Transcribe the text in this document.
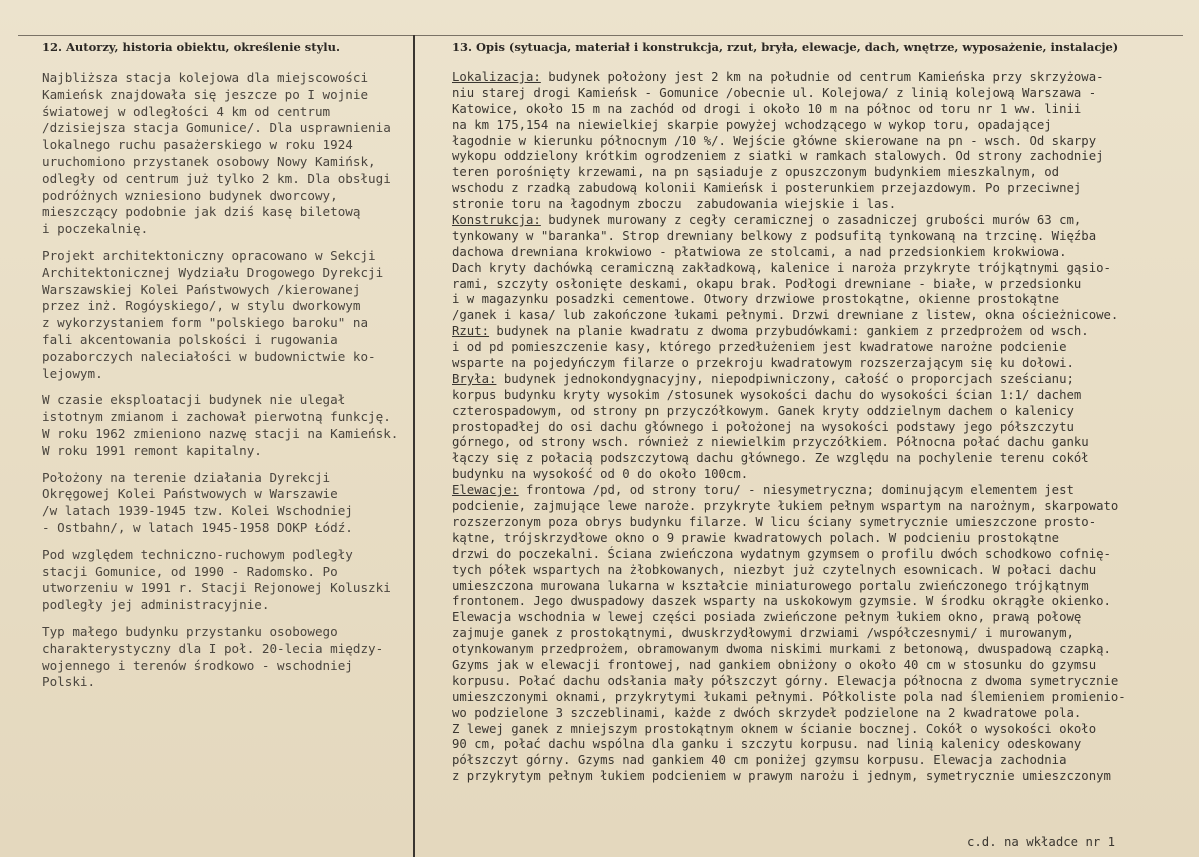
12. Autorzy, historia obiektu, określenie stylu.	13. Opis (sytuacja, materiał i konstrukcja, rzut, bryła, elewacje, dach, wnętrze, wyposażenie, instalacje)
Najbliższa stacja kolejowa dla miejscowości
Kamieńsk znajdowała się jeszcze po I wojnie
światowej w odległości 4 km od centrum
/dzisiejsza stacja Gomunice/. Dla usprawnienia
lokalnego ruchu pasażerskiego w roku 1924
uruchomiono przystanek osobowy Nowy Kamińsk,
odległy od centrum już tylko 2 km. Dla obsługi
podróżnych wzniesiono budynek dworcowy,
mieszczący podobnie jak dziś kasę biletową
i poczekalnię.
Projekt architektoniczny opracowano w Sekcji
Architektonicznej Wydziału Drogowego Dyrekcji
Warszawskiej Kolei Państwowych /kierowanej
przez inż. Rogóyskiego/, w stylu dworkowym
z wykorzystaniem form "polskiego baroku" na
fali akcentowania polskości i rugowania
pozaborczych naleciałości w budownictwie ko-
lejowym.
W czasie eksploatacji budynek nie ulegał
istotnym zmianom i zachował pierwotną funkcję.
W roku 1962 zmieniono nazwę stacji na Kamieńsk.
W roku 1991 remont kapitalny.
Położony na terenie działania Dyrekcji
Okręgowej Kolei Państwowych w Warszawie
/w latach 1939-1945 tzw. Kolei Wschodniej
- Ostbahn/, w latach 1945-1958 DOKP Łódź.
Pod względem techniczno-ruchowym podległy
stacji Gomunice, od 1990 - Radomsko. Po
utworzeniu w 1991 r. Stacji Rejonowej Koluszki
podległy jej administracyjnie.
Typ małego budynku przystanku osobowego
charakterystyczny dla I poł. 20-lecia między-
wojennego i terenów środkowo - wschodniej
Polski.
Lokalizacja: budynek położony jest 2 km na południe od centrum Kamieńska przy skrzyżowa-
niu starej drogi Kamieńsk - Gomunice /obecnie ul. Kolejowa/ z linią kolejową Warszawa -
Katowice, około 15 m na zachód od drogi i około 10 m na północ od toru nr 1 ww. linii
na km 175,154 na niewielkiej skarpie powyżej wchodzącego w wykop toru, opadającej
łagodnie w kierunku północnym /10 %/. Wejście główne skierowane na pn - wsch. Od skarpy
wykopu oddzielony krótkim ogrodzeniem z siatki w ramkach stalowych. Od strony zachodniej
teren porośnięty krzewami, na pn sąsiaduje z opuszczonym budynkiem mieszkalnym, od
wschodu z rzadką zabudową kolonii Kamieńsk i posterunkiem przejazdowym. Po przeciwnej
stronie toru na łagodnym zboczu  zabudowania wiejskie i las.
Konstrukcja: budynek murowany z cegły ceramicznej o zasadniczej grubości murów 63 cm,
tynkowany w "baranka". Strop drewniany belkowy z podsufitą tynkowaną na trzcinę. Więźba
dachowa drewniana krokwiowo - płatwiowa ze stolcami, a nad przedsionkiem krokwiowa.
Dach kryty dachówką ceramiczną zakładkową, kalenice i naroża przykryte trójkątnymi gąsio-
rami, szczyty osłonięte deskami, okapu brak. Podłogi drewniane - białe, w przedsionku
i w magazynku posadzki cementowe. Otwory drzwiowe prostokątne, okienne prostokątne
/ganek i kasa/ lub zakończone łukami pełnymi. Drzwi drewniane z listew, okna ościeżnicowe.
Rzut: budynek na planie kwadratu z dwoma przybudówkami: gankiem z przedprożem od wsch.
i od pd pomieszczenie kasy, którego przedłużeniem jest kwadratowe narożne podcienie
wsparte na pojedyńczym filarze o przekroju kwadratowym rozszerzającym się ku dołowi.
Bryła: budynek jednokondygnacyjny, niepodpiwniczony, całość o proporcjach sześcianu;
korpus budynku kryty wysokim /stosunek wysokości dachu do wysokości ścian 1:1/ dachem
czterospadowym, od strony pn przyczółkowym. Ganek kryty oddzielnym dachem o kalenicy
prostopadłej do osi dachu głównego i położonej na wysokości podstawy jego półszczytu
górnego, od strony wsch. również z niewielkim przyczółkiem. Północna połać dachu ganku
łączy się z połacią podszczytową dachu głównego. Ze względu na pochylenie terenu cokół
budynku na wysokość od 0 do około 100cm.
Elewacje: frontowa /pd, od strony toru/ - niesymetryczna; dominującym elementem jest
podcienie, zajmujące lewe naroże. przykryte łukiem pełnym wspartym na narożnym, skarpowato
rozszerzonym poza obrys budynku filarze. W licu ściany symetrycznie umieszczone prosto-
kątne, trójskrzydłowe okno o 9 prawie kwadratowych polach. W podcieniu prostokątne
drzwi do poczekalni. Ściana zwieńczona wydatnym gzymsem o profilu dwóch schodkowo cofnię-
tych półek wspartych na żłobkowanych, niezbyt już czytelnych esownicach. W połaci dachu
umieszczona murowana lukarna w kształcie miniaturowego portalu zwieńczonego trójkątnym
frontonem. Jego dwuspadowy daszek wsparty na uskokowym gzymsie. W środku okrągłe okienko.
Elewacja wschodnia w lewej części posiada zwieńczone pełnym łukiem okno, prawą połowę
zajmuje ganek z prostokątnymi, dwuskrzydłowymi drzwiami /współczesnymi/ i murowanym,
otynkowanym przedprożem, obramowanym dwoma niskimi murkami z betonową, dwuspadową czapką.
Gzyms jak w elewacji frontowej, nad gankiem obniżony o około 40 cm w stosunku do gzymsu
korpusu. Połać dachu odsłania mały półszczyt górny. Elewacja północna z dwoma symetrycznie
umieszczonymi oknami, przykrytymi łukami pełnymi. Półkoliste pola nad ślemieniem promienio-
wo podzielone 3 szczeblinami, każde z dwóch skrzydeł podzielone na 2 kwadratowe pola.
Z lewej ganek z mniejszym prostokątnym oknem w ścianie bocznej. Cokół o wysokości około
90 cm, połać dachu wspólna dla ganku i szczytu korpusu. nad linią kalenicy odeskowany
półszczyt górny. Gzyms nad gankiem 40 cm poniżej gzymsu korpusu. Elewacja zachodnia
z przykrytym pełnym łukiem podcieniem w prawym narożu i jednym, symetrycznie umieszczonym
c.d. na wkładce nr 1
